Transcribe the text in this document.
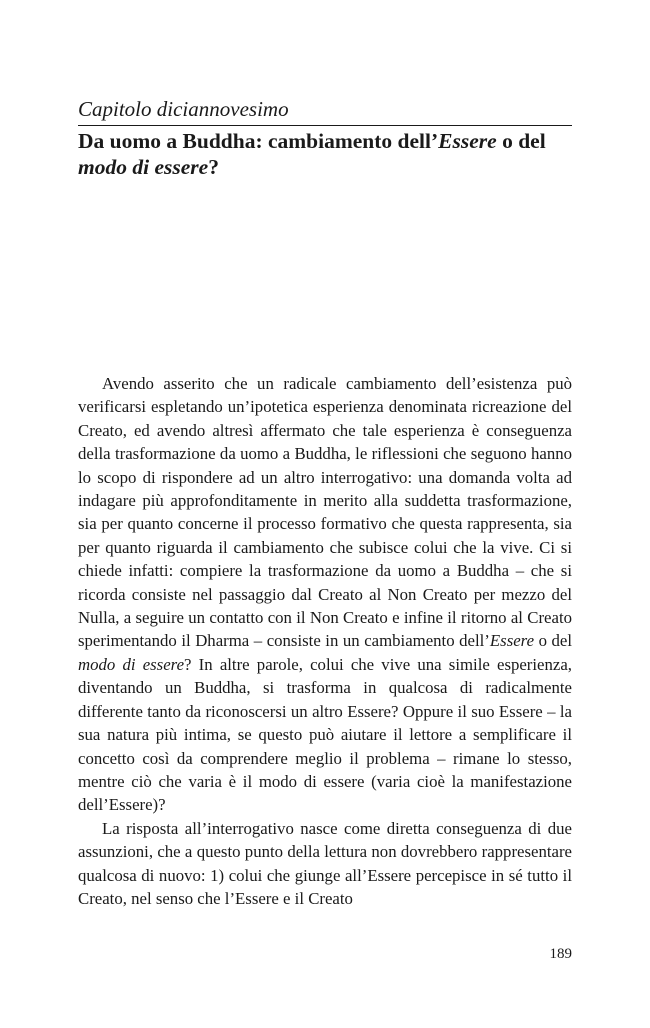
Capitolo diciannovesimo
Da uomo a Buddha: cambiamento dell’Essere o del modo di essere?

Avendo asserito che un radicale cambiamento dell’esistenza può verificarsi espletando un’ipotetica esperienza denominata ricreazione del Creato, ed avendo altresì affermato che tale esperienza è conseguenza della trasformazione da uomo a Buddha, le riflessioni che seguono hanno lo scopo di rispondere ad un altro interrogativo: una domanda volta ad indagare più approfonditamente in merito alla suddetta trasformazione, sia per quanto concerne il processo formativo che questa rappresenta, sia per quanto riguarda il cambiamento che subisce colui che la vive. Ci si chiede infatti: compiere la trasformazione da uomo a Buddha – che si ricorda consiste nel passaggio dal Creato al Non Creato per mezzo del Nulla, a seguire un contatto con il Non Creato e infine il ritorno al Creato sperimentando il Dharma – consiste in un cambiamento dell’Essere o del modo di essere? In altre parole, colui che vive una simile esperienza, diventando un Buddha, si trasforma in qualcosa di radicalmente differente tanto da riconoscersi un altro Essere? Oppure il suo Essere – la sua natura più intima, se questo può aiutare il lettore a semplificare il concetto così da comprendere meglio il problema – rimane lo stesso, mentre ciò che varia è il modo di essere (varia cioè la manifestazione dell’Essere)?

La risposta all’interrogativo nasce come diretta conseguenza di due assunzioni, che a questo punto della lettura non dovrebbero rappresentare qualcosa di nuovo: 1) colui che giunge all’Essere percepisce in sé tutto il Creato, nel senso che l’Essere e il Creato

189
